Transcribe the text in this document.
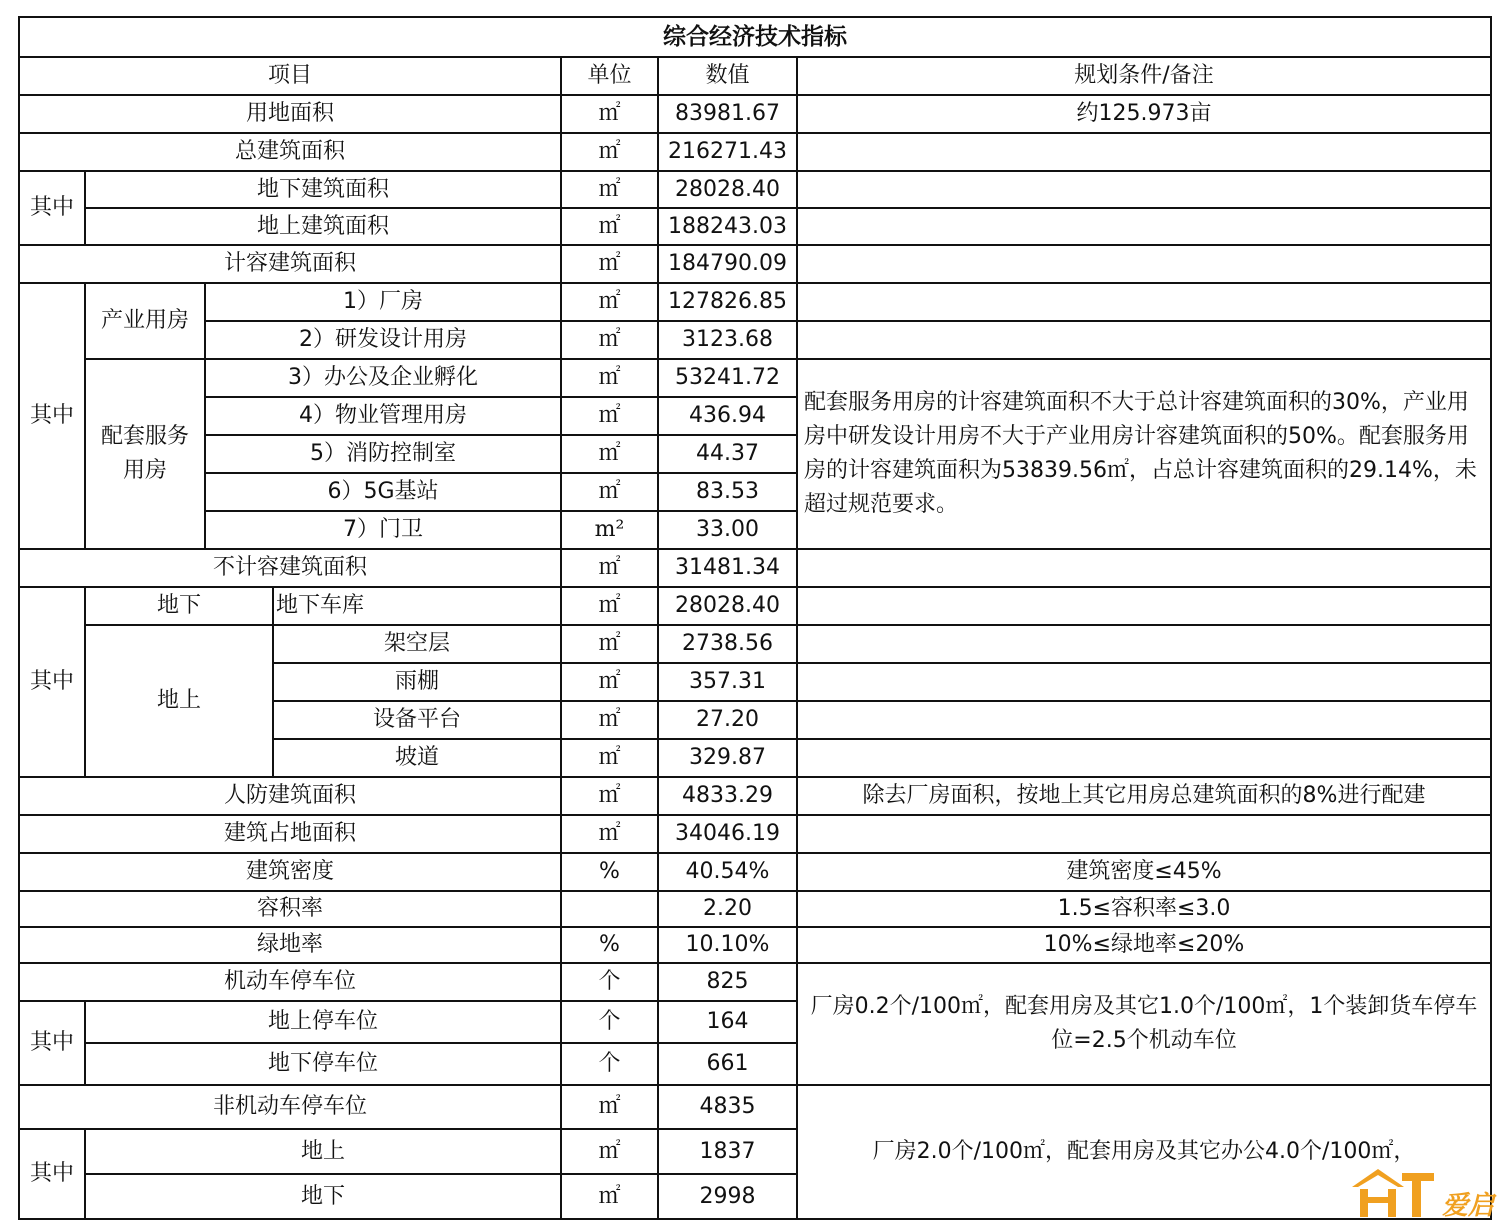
综合经济技术指标						
项目				单位	数值	规划条件/备注
用地面积				㎡	83981.67	约125.973亩
总建筑面积				㎡	216271.43	
其中	地下建筑面积			㎡	28028.40	
	地上建筑面积			㎡	188243.03	
计容建筑面积				㎡	184790.09	
其中	产业用房	1）厂房		㎡	127826.85	
		2）研发设计用房		㎡	3123.68	
	配套服务用房	3）办公及企业孵化		㎡	53241.72	配套服务用房的计容建筑面积不大于总计容建筑面积的30%，产业用房中研发设计用房不大于产业用房计容建筑面积的50%。配套服务用房的计容建筑面积为53839.56㎡，占总计容建筑面积的29.14%，未超过规范要求。
		4）物业管理用房		㎡	436.94	
		5）消防控制室		㎡	44.37	
		6）5G基站		㎡	83.53	
		7）门卫		m²	33.00	
不计容建筑面积				㎡	31481.34	
其中	地下		地下车库	㎡	28028.40	
	地上		架空层	㎡	2738.56	
			雨棚	㎡	357.31	
			设备平台	㎡	27.20	
			坡道	㎡	329.87	
人防建筑面积				㎡	4833.29	除去厂房面积，按地上其它用房总建筑面积的8%进行配建
建筑占地面积				㎡	34046.19	
建筑密度				%	40.54%	建筑密度≤45%
容积率					2.20	1.5≤容积率≤3.0
绿地率				%	10.10%	10%≤绿地率≤20%
机动车停车位				个	825	厂房0.2个/100㎡，配套用房及其它1.0个/100㎡，1个装卸货车停车位=2.5个机动车位
其中	地上停车位			个	164	
	地下停车位			个	661	
非机动车停车位				㎡	4835	厂房2.0个/100㎡，配套用房及其它办公4.0个/100㎡，
其中	地上			㎡	1837	
	地下			㎡	2998		爱启
